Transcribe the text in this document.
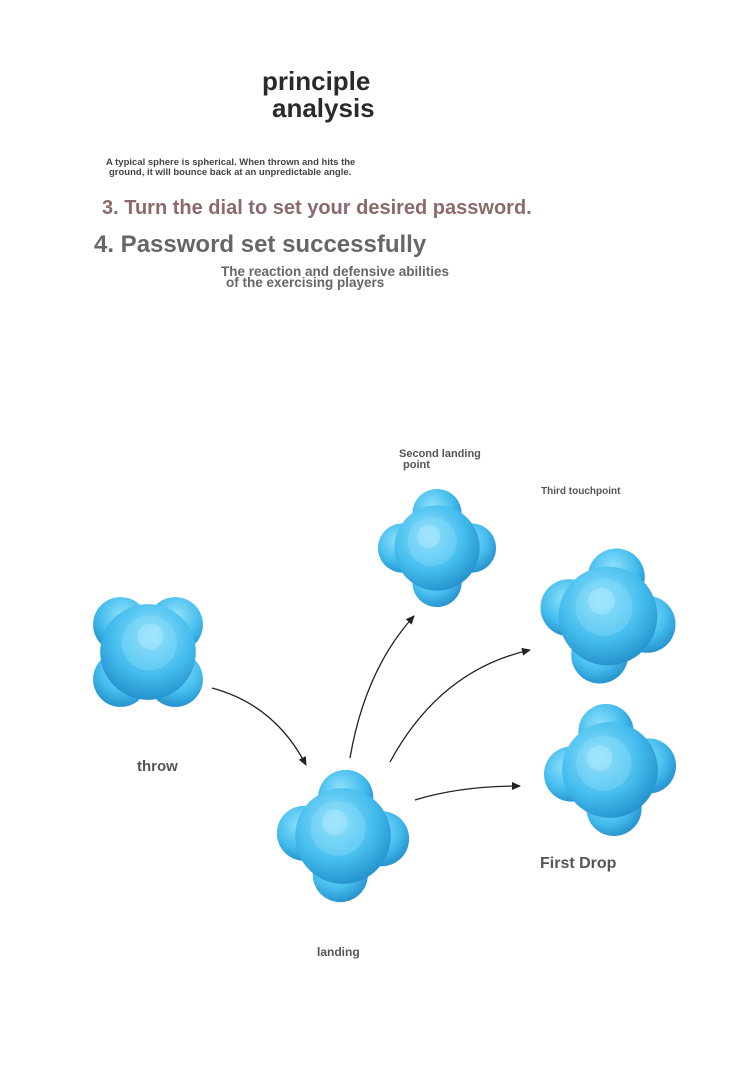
principle
analysis
A typical sphere is spherical. When thrown and hits the
ground, it will bounce back at an unpredictable angle.
3. Turn the dial to set your desired password.
4. Password set successfully
The reaction and defensive abilities
of the exercising players
Second landing
point
Third touchpoint
throw
First Drop
landing
